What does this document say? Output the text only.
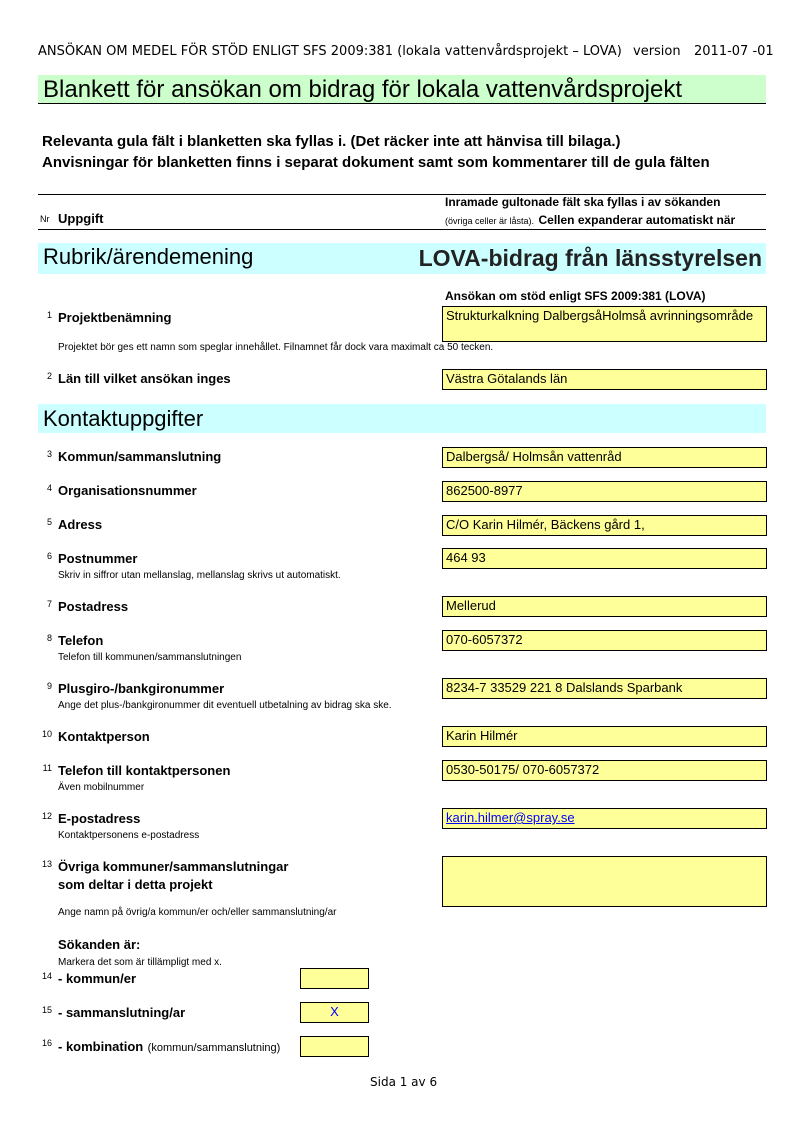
ANSÖKAN OM MEDEL FÖR STÖD ENLIGT SFS 2009:381 (lokala vattenvårdsprojekt – LOVA) version 2011-07 -01
Blankett för ansökan om bidrag för lokala vattenvårdsprojekt
Relevanta gula fält i blanketten ska fyllas i. (Det räcker inte att hänvisa till bilaga.)
Anvisningar för blanketten finns i separat dokument samt som kommentarer till de gula fälten
Nr Uppgift
Inramade gultonade fält ska fyllas i av sökanden
(övriga celler är låsta). Cellen expanderar automatiskt när
Rubrik/ärendemening	LOVA-bidrag från länsstyrelsen
Ansökan om stöd enligt SFS 2009:381 (LOVA)
1 Projektbenämning	Strukturkalkning DalbergsåHolmså avrinningsområde
Projektet bör ges ett namn som speglar innehållet. Filnamnet får dock vara maximalt ca 50 tecken.
2 Län till vilket ansökan inges	Västra Götalands län
Kontaktuppgifter
3 Kommun/sammanslutning	Dalbergså/ Holmsån vattenråd
4 Organisationsnummer	862500-8977
5 Adress	C/O Karin Hilmér, Bäckens gård 1,
6 Postnummer	464 93
Skriv in siffror utan mellanslag, mellanslag skrivs ut automatiskt.
7 Postadress	Mellerud
8 Telefon	070-6057372
Telefon till kommunen/sammanslutningen
9 Plusgiro-/bankgironummer	8234-7 33529 221 8 Dalslands Sparbank
Ange det plus-/bankgironummer dit eventuell utbetalning av bidrag ska ske.
10 Kontaktperson	Karin Hilmér
11 Telefon till kontaktpersonen	0530-50175/ 070-6057372
Även mobilnummer
12 E-postadress	karin.hilmer@spray.se
Kontaktpersonens e-postadress
13 Övriga kommuner/sammanslutningar
som deltar i detta projekt
Ange namn på övrig/a kommun/er och/eller sammanslutning/ar
Sökanden är:
Markera det som är tillämpligt med x.
14 - kommun/er
15 - sammanslutning/ar	X
16 - kombination (kommun/sammanslutning)
Sida 1 av 6
